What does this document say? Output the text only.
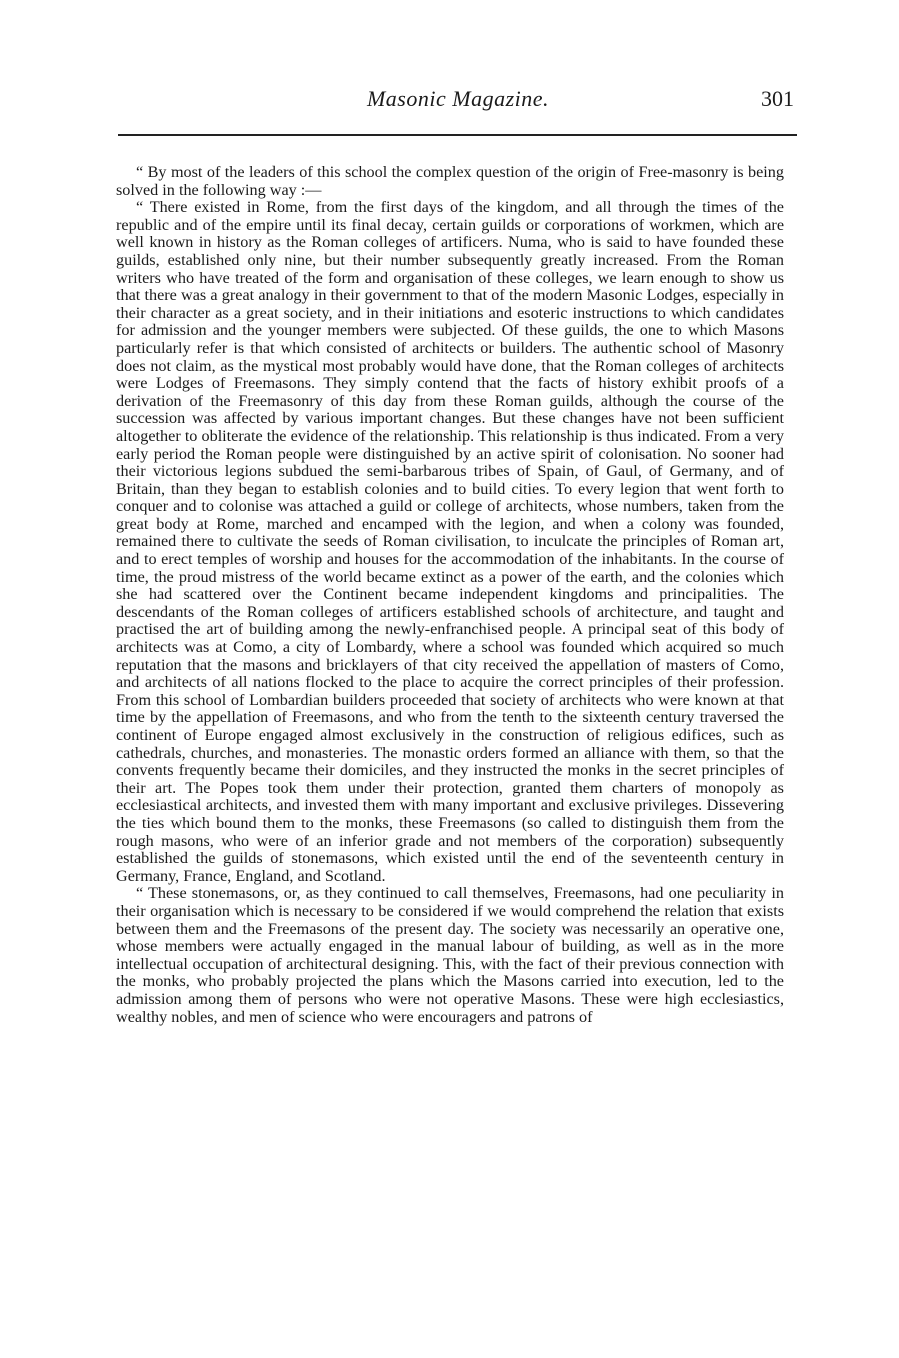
Masonic Magazine.	301

“ By most of the leaders of this school the complex question of the origin of Free-masonry is being solved in the following way :—

“ There existed in Rome, from the first days of the kingdom, and all through the times of the republic and of the empire until its final decay, certain guilds or corporations of workmen, which are well known in history as the Roman colleges of artificers. Numa, who is said to have founded these guilds, established only nine, but their number subsequently greatly increased. From the Roman writers who have treated of the form and organisation of these colleges, we learn enough to show us that there was a great analogy in their government to that of the modern Masonic Lodges, especially in their character as a great society, and in their initiations and esoteric instructions to which candidates for admission and the younger members were subjected. Of these guilds, the one to which Masons particularly refer is that which consisted of architects or builders. The authentic school of Masonry does not claim, as the mystical most probably would have done, that the Roman colleges of architects were Lodges of Freemasons. They simply contend that the facts of history exhibit proofs of a derivation of the Freemasonry of this day from these Roman guilds, although the course of the succession was affected by various important changes. But these changes have not been sufficient altogether to obliterate the evidence of the relationship. This relationship is thus indicated. From a very early period the Roman people were distinguished by an active spirit of colonisation. No sooner had their victorious legions subdued the semi-barbarous tribes of Spain, of Gaul, of Germany, and of Britain, than they began to establish colonies and to build cities. To every legion that went forth to conquer and to colonise was attached a guild or college of architects, whose numbers, taken from the great body at Rome, marched and encamped with the legion, and when a colony was founded, remained there to cultivate the seeds of Roman civilisation, to inculcate the principles of Roman art, and to erect temples of worship and houses for the accommodation of the inhabitants. In the course of time, the proud mistress of the world became extinct as a power of the earth, and the colonies which she had scattered over the Continent became independent kingdoms and principalities. The descendants of the Roman colleges of artificers established schools of architecture, and taught and practised the art of building among the newly-enfranchised people. A principal seat of this body of architects was at Como, a city of Lombardy, where a school was founded which acquired so much reputation that the masons and bricklayers of that city received the appellation of masters of Como, and architects of all nations flocked to the place to acquire the correct principles of their profession. From this school of Lombardian builders proceeded that society of architects who were known at that time by the appellation of Freemasons, and who from the tenth to the sixteenth century traversed the continent of Europe engaged almost exclusively in the construction of religious edifices, such as cathedrals, churches, and monasteries. The monastic orders formed an alliance with them, so that the convents frequently became their domiciles, and they instructed the monks in the secret principles of their art. The Popes took them under their protection, granted them charters of monopoly as ecclesiastical architects, and invested them with many important and exclusive privileges. Dissevering the ties which bound them to the monks, these Freemasons (so called to distinguish them from the rough masons, who were of an inferior grade and not members of the corporation) subsequently established the guilds of stonemasons, which existed until the end of the seventeenth century in Germany, France, England, and Scotland.

“ These stonemasons, or, as they continued to call themselves, Freemasons, had one peculiarity in their organisation which is necessary to be considered if we would comprehend the relation that exists between them and the Freemasons of the present day. The society was necessarily an operative one, whose members were actually engaged in the manual labour of building, as well as in the more intellectual occupation of architectural designing. This, with the fact of their previous connection with the monks, who probably projected the plans which the Masons carried into execution, led to the admission among them of persons who were not operative Masons. These were high ecclesiastics, wealthy nobles, and men of science who were encouragers and patrons of
